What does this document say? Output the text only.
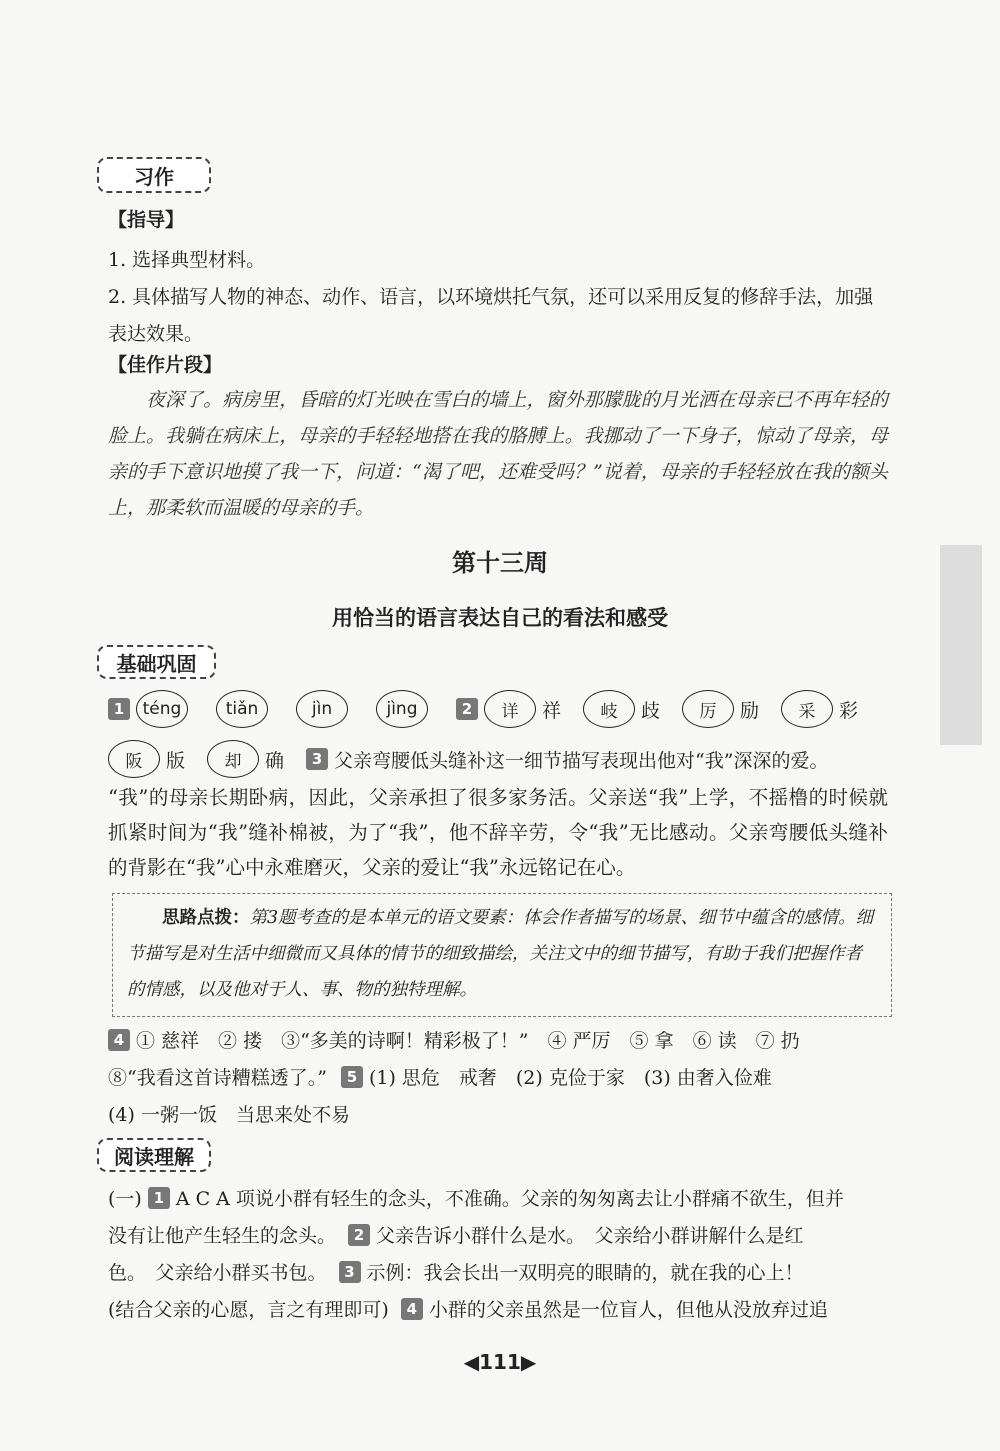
习作
【指导】
1. 选择典型材料。
2. 具体描写人物的神态、动作、语言，以环境烘托气氛，还可以采用反复的修辞手法，加强
表达效果。
【佳作片段】
夜深了。病房里，昏暗的灯光映在雪白的墙上，窗外那朦胧的月光洒在母亲已不再年轻的脸上。我躺在病床上，母亲的手轻轻地搭在我的胳膊上。我挪动了一下身子，惊动了母亲，母亲的手下意识地摸了我一下，问道：“渴了吧，还难受吗？”说着，母亲的手轻轻放在我的额头上，那柔软而温暖的母亲的手。
第十三周
用恰当的语言表达自己的看法和感受
基础巩固
1	téng	tiǎn	jìn	jìng	2	详	祥	岐	歧	厉	励	采	彩
阪	版	却	确	3 父亲弯腰低头缝补这一细节描写表现出他对“我”深深的爱。
“我”的母亲长期卧病，因此，父亲承担了很多家务活。父亲送“我”上学，不摇橹的时候就抓紧时间为“我”缝补棉被，为了“我”，他不辞辛劳，令“我”无比感动。父亲弯腰低头缝补的背影在“我”心中永难磨灭，父亲的爱让“我”永远铭记在心。
思路点拨：第3题考查的是本单元的语文要素：体会作者描写的场景、细节中蕴含的感情。细节描写是对生活中细微而又具体的情节的细致描绘，关注文中的细节描写，有助于我们把握作者的情感，以及他对于人、事、物的独特理解。
4 ① 慈祥　② 搂　③“多美的诗啊！精彩极了！”　④ 严厉　⑤ 拿　⑥ 读　⑦ 扔
⑧“我看这首诗糟糕透了。”	5 (1) 思危　戒奢　(2) 克俭于家　(3) 由奢入俭难
(4) 一粥一饭　当思来处不易
阅读理解
(一) 1 A C A 项说小群有轻生的念头，不准确。父亲的匆匆离去让小群痛不欲生，但并
没有让他产生轻生的念头。	2 父亲告诉小群什么是水。　父亲给小群讲解什么是红
色。　父亲给小群买书包。	3 示例：我会长出一双明亮的眼睛的，就在我的心上！
(结合父亲的心愿，言之有理即可)	4 小群的父亲虽然是一位盲人，但他从没放弃过追
◀111▶
